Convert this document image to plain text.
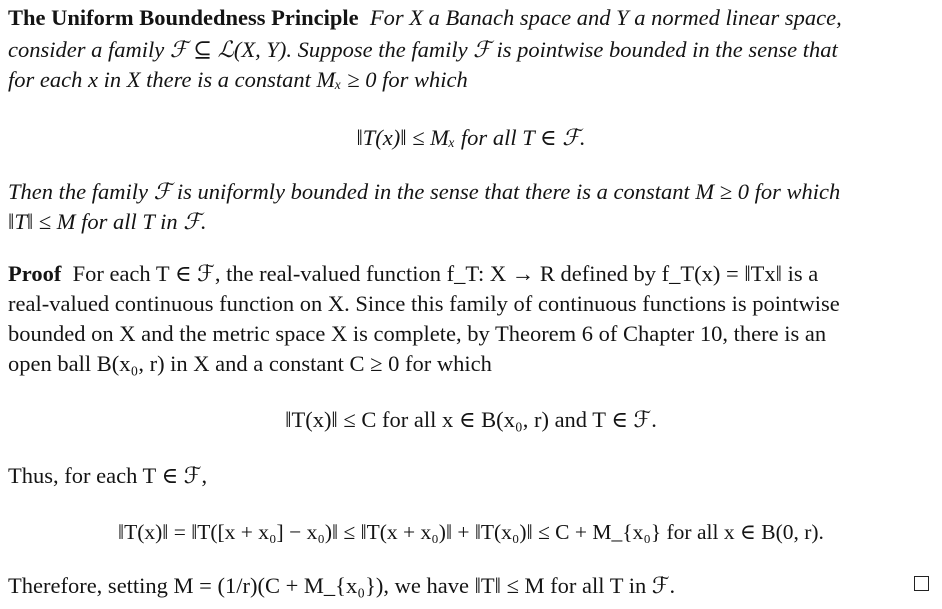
The Uniform Boundedness Principle For X a Banach space and Y a normed linear space,
consider a family ℱ ⊆ ℒ(X, Y). Suppose the family ℱ is pointwise bounded in the sense that
for each x in X there is a constant Mₓ ≥ 0 for which
‖T(x)‖ ≤ Mₓ for all T ∈ ℱ.
Then the family ℱ is uniformly bounded in the sense that there is a constant M ≥ 0 for which
‖T‖ ≤ M for all T in ℱ.
Proof For each T ∈ ℱ, the real-valued function f_T: X → R defined by f_T(x) = ‖Tx‖ is a
real-valued continuous function on X. Since this family of continuous functions is pointwise
bounded on X and the metric space X is complete, by Theorem 6 of Chapter 10, there is an
open ball B(x₀, r) in X and a constant C ≥ 0 for which
‖T(x)‖ ≤ C for all x ∈ B(x₀, r) and T ∈ ℱ.
Thus, for each T ∈ ℱ,
‖T(x)‖ = ‖T([x + x₀] − x₀)‖ ≤ ‖T(x + x₀)‖ + ‖T(x₀)‖ ≤ C + M_{x₀} for all x ∈ B(0, r).
Therefore, setting M = (1/r)(C + M_{x₀}), we have ‖T‖ ≤ M for all T in ℱ.
